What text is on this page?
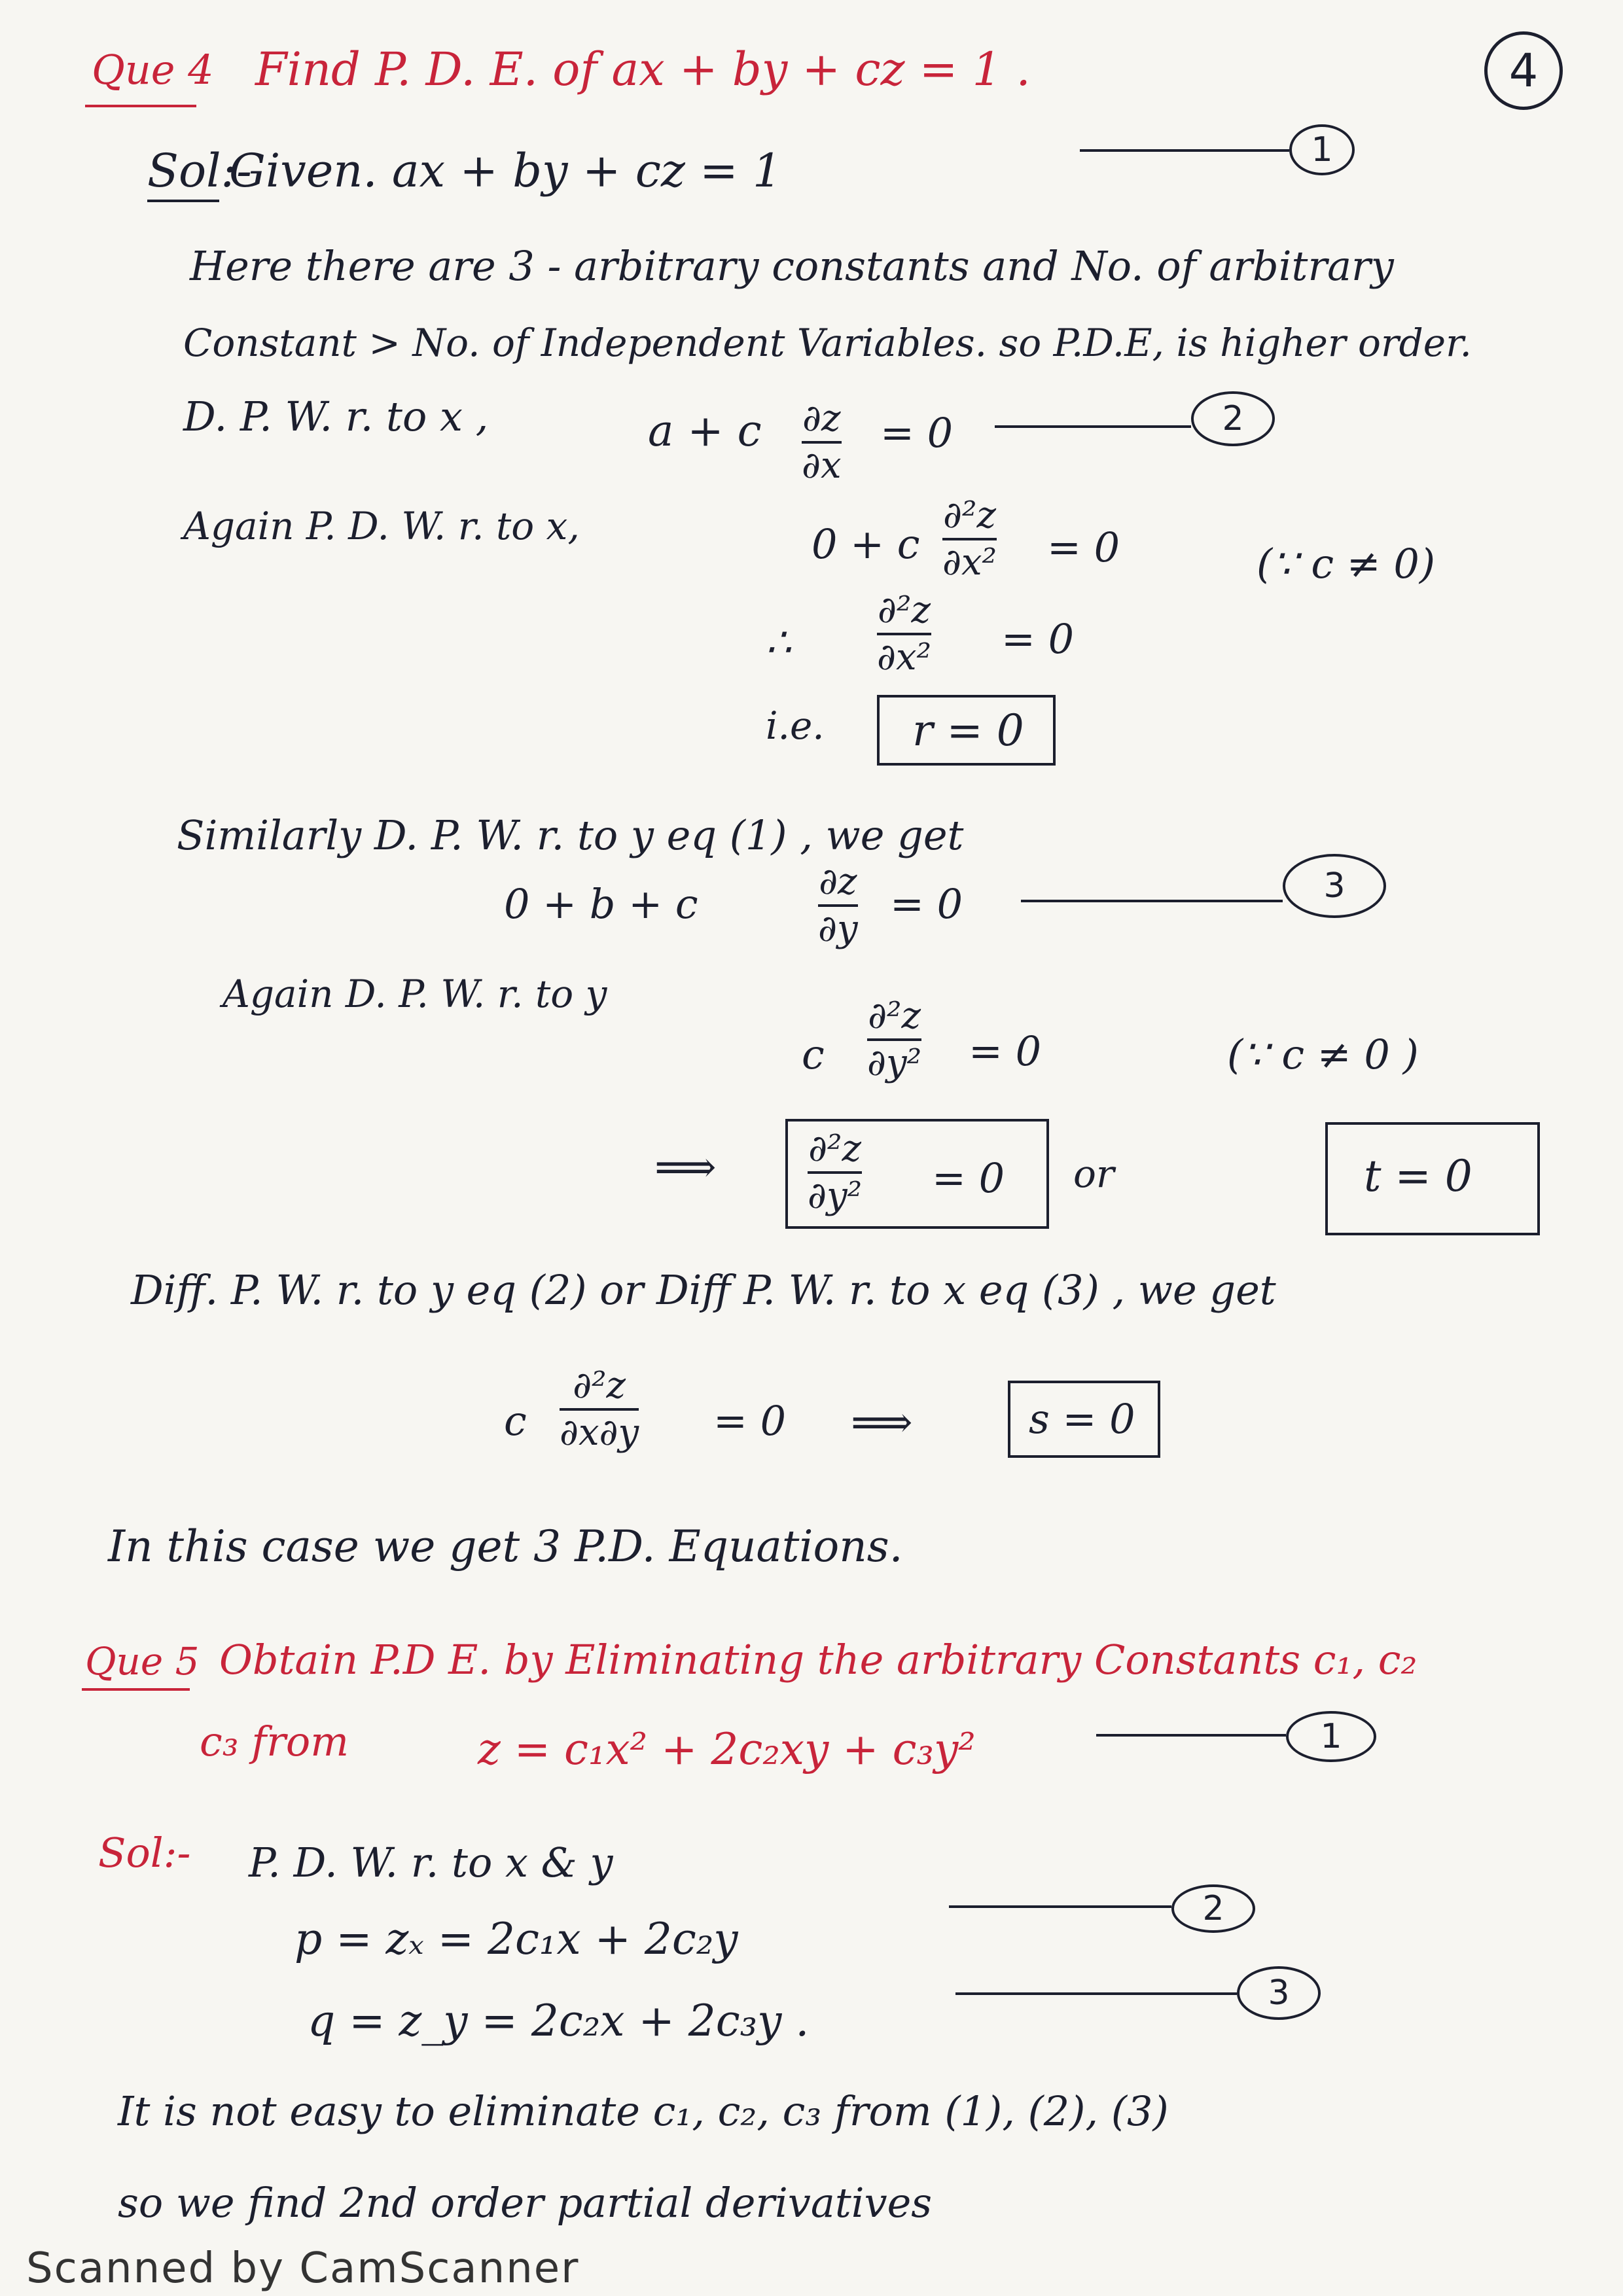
4
Que 4 Find P. D. E. of ax + by + cz = 1 .
Sol:-
Given. ax + by + cz = 1	1
Here there are 3 - arbitrary constants and No. of arbitrary
Constant > No. of Independent Variables. so P.D.E, is higher order.
D. P. W. r. to x ,	a + c ∂z
∂x
= 0	2
Again P. D. W. r. to x,	0 + c
∂²z
∂x² = 0	(∵ c ≠ 0)
∴
∂²z
∂x² = 0
i.e. r = 0
Similarly D. P. W. r. to y eq (1) , we get
0 + b + c	∂z
∂y
= 0	3
Again D. P. W. r. to y
c
∂²z
∂y² = 0	(∵ c ≠ 0 )
⟹	∂²z
∂y² = 0 or	t = 0
Diff. P. W. r. to y eq (2) or Diff P. W. r. to x eq (3) , we get
c
∂²z
∂x∂y = 0 ⟹	s = 0
In this case we get 3 P.D. Equations.
Que 5 Obtain P.D E. by Eliminating the arbitrary Constants c₁, c₂
c₃ from	z = c₁x² + 2c₂xy + c₃y²	1
Sol:- P. D. W. r. to x & y
p = zₓ = 2c₁x + 2c₂y
2
q = z_y = 2c₂x + 2c₃y .
3
It is not easy to eliminate c₁, c₂, c₃ from (1), (2), (3)
so we find 2nd order partial derivatives
Scanned by CamScanner
